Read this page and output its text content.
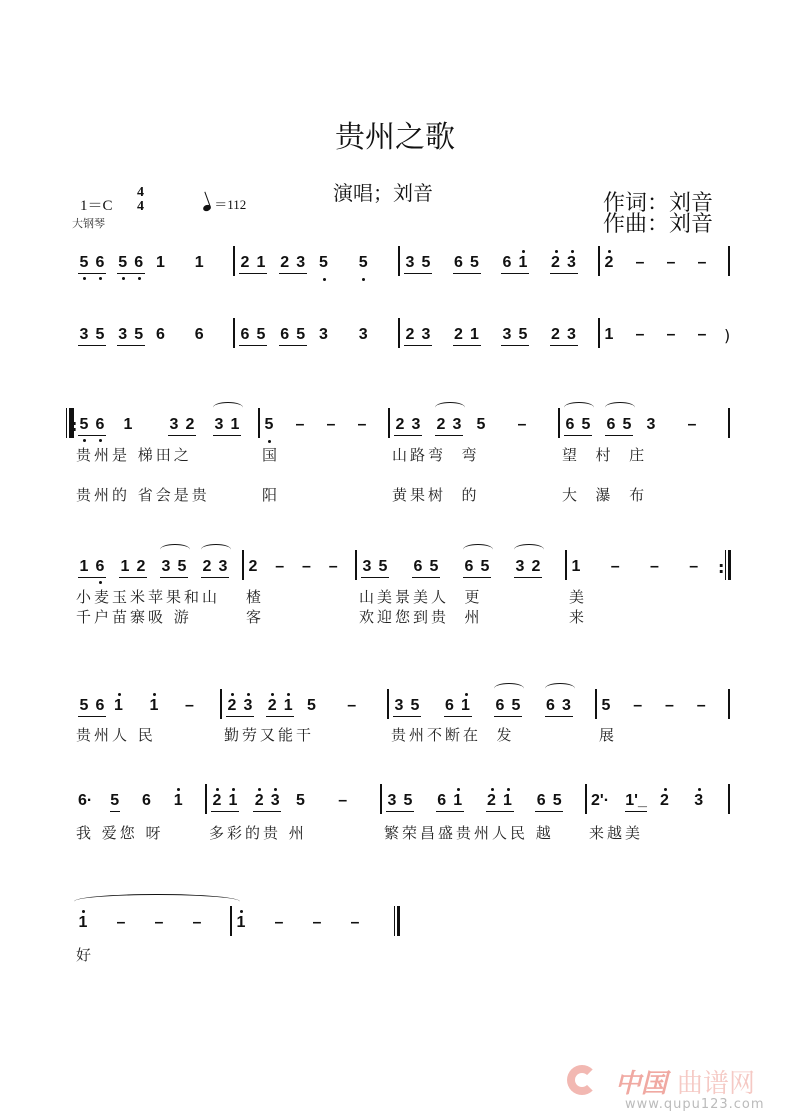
贵州之歌
演唱；刘音	作词：刘音
作曲：刘音
1＝C
4
4
大钢琴
＝112
5 6 5 6 1 1 2 1 2 3 5 5 3 5 6 5 6 1 2 3 2 – – –
3 5 3 5 6 6 6 5 6 5 3 3 2 3 2 1 3 5 2 3 1 – – – )
: 5 6 1 3 2 3 1 5 – – – 2 3 2 3 5 – 6 5 6 5 3 –
1 6 1 2 3 5 2 3 2 – – – 3 5 6 5 6 5 3 2 1 – – – :
5 6 1 1 – 2 3 2 1 5 – 3 5 6 1 6 5 6 3 5 – – –
6· 5 6 1 2 1 2 3 5 –	3 5 6 1 2 1 6 5 2'· 1'_ 2 3
1 – – – 1 – – –
中国 曲谱网
www.qupu123.com
贵州是 梯田之	国	山路弯  弯	望  村  庄
贵州的 省会是贵	阳	黄果树  的	大  瀑  布
小麦玉米苹果和山 楂	山美景美人  更	美
千户苗寨吸 游	客	欢迎您到贵  州	来
贵州人 民	勤劳又能干	贵州不断在  发	展
我 爱您 呀	多彩的贵 州	繁荣昌盛贵州人民 越 来越美
好
